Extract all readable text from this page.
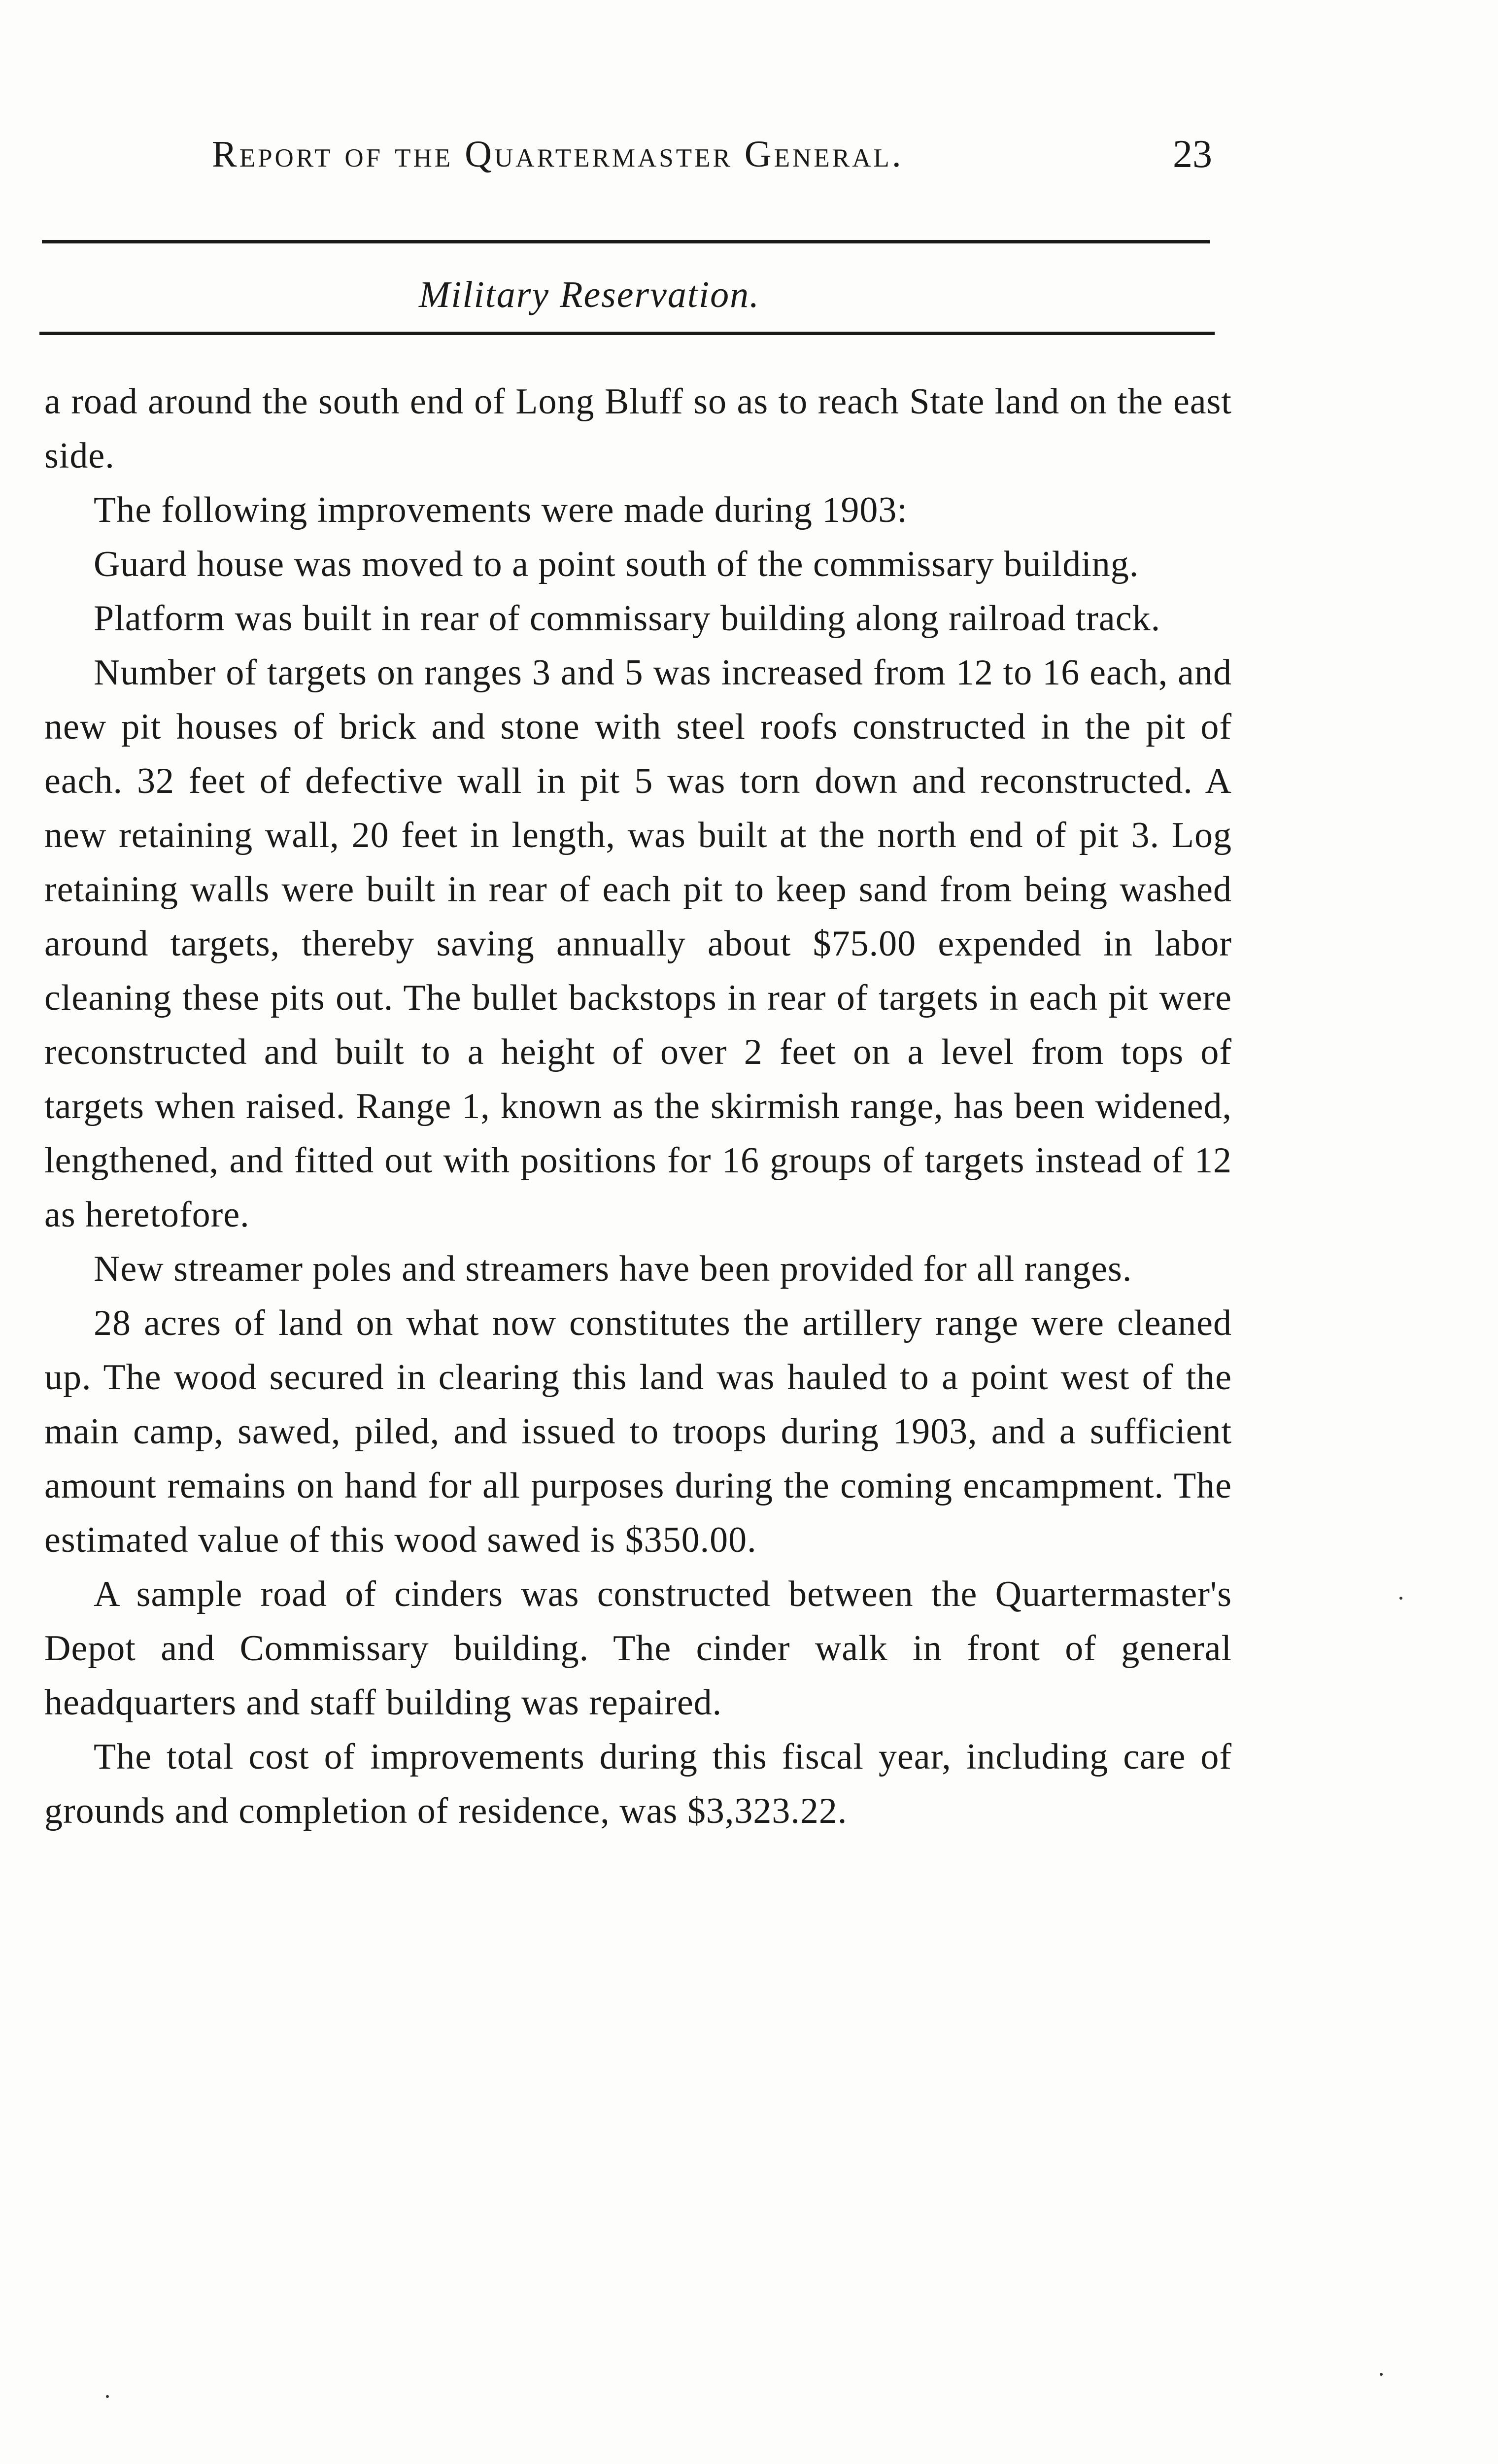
Report of the Quartermaster General.	23
Military Reservation.

a road around the south end of Long Bluff so as to reach State land on the east side.

The following improvements were made during 1903:

Guard house was moved to a point south of the commissary building.

Platform was built in rear of commissary building along railroad track.

Number of targets on ranges 3 and 5 was increased from 12 to 16 each, and new pit houses of brick and stone with steel roofs constructed in the pit of each. 32 feet of defective wall in pit 5 was torn down and reconstructed. A new retaining wall, 20 feet in length, was built at the north end of pit 3. Log retaining walls were built in rear of each pit to keep sand from being washed around targets, thereby saving annually about $75.00 expended in labor cleaning these pits out. The bullet backstops in rear of targets in each pit were reconstructed and built to a height of over 2 feet on a level from tops of targets when raised. Range 1, known as the skirmish range, has been widened, lengthened, and fitted out with positions for 16 groups of targets instead of 12 as heretofore.

New streamer poles and streamers have been provided for all ranges.

28 acres of land on what now constitutes the artillery range were cleaned up. The wood secured in clearing this land was hauled to a point west of the main camp, sawed, piled, and issued to troops during 1903, and a sufficient amount remains on hand for all purposes during the coming encampment. The estimated value of this wood sawed is $350.00.

A sample road of cinders was constructed between the Quartermaster's Depot and Commissary building. The cinder walk in front of general headquarters and staff building was repaired.

The total cost of improvements during this fiscal year, including care of grounds and completion of residence, was $3,323.22.
